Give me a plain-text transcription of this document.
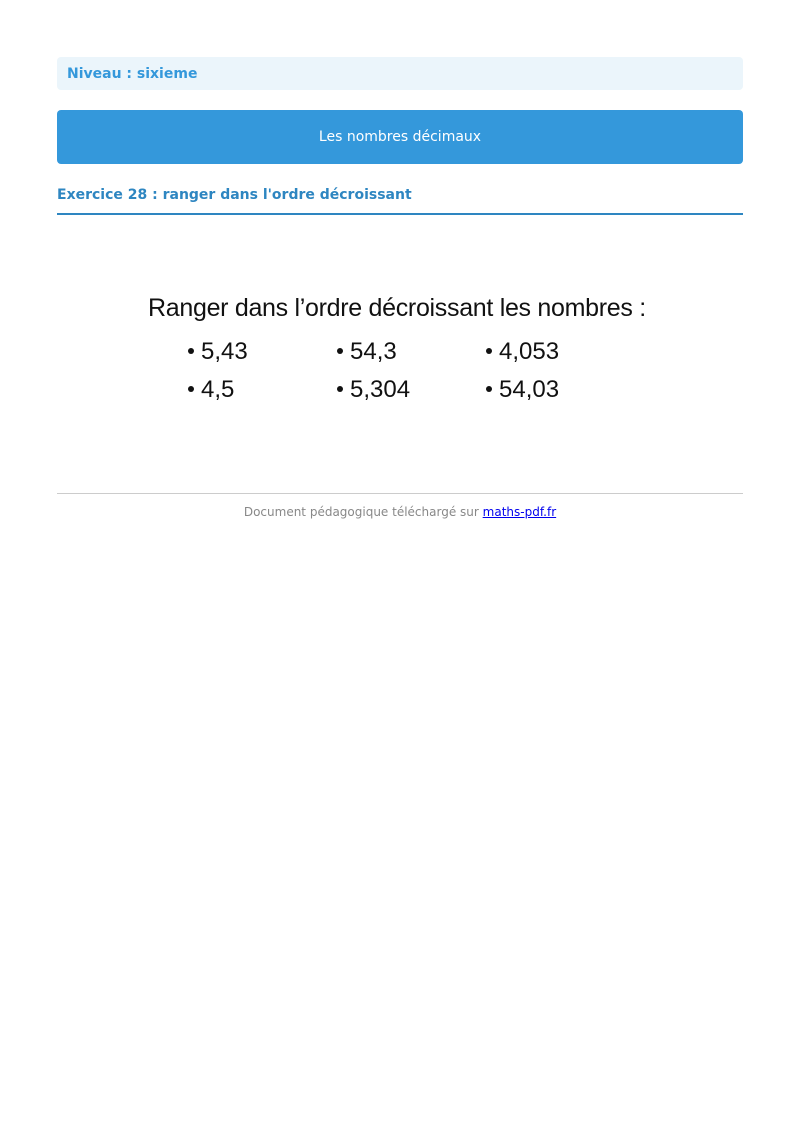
Niveau : sixieme
Les nombres décimaux
Exercice 28 : ranger dans l'ordre décroissant
Ranger dans l’ordre décroissant les nombres :
5,43	54,3	4,053
4,5	5,304	54,03
Document pédagogique téléchargé sur maths-pdf.fr
